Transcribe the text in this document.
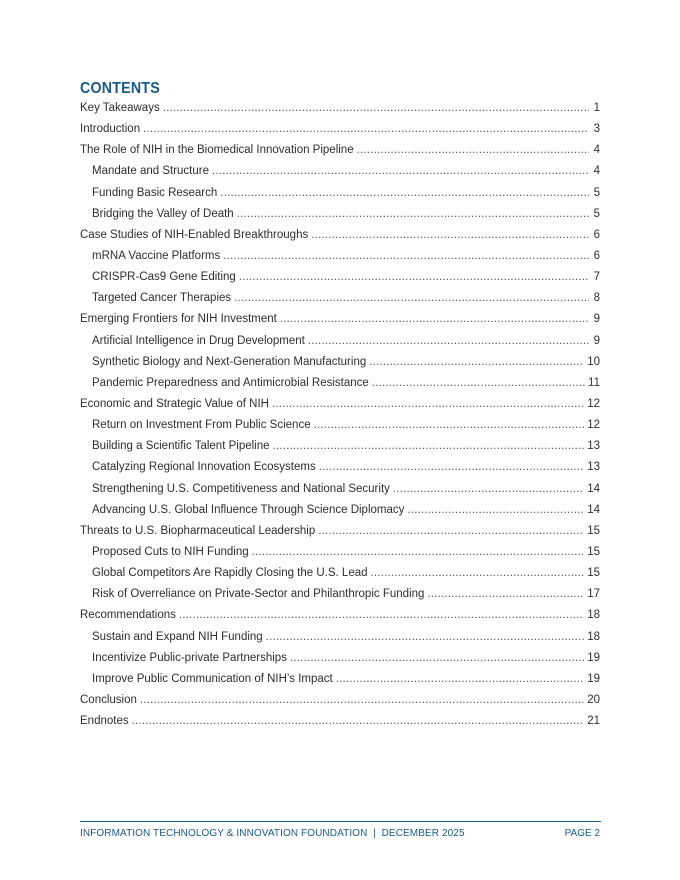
CONTENTS
Key Takeaways .....	1
Introduction .....	3
The Role of NIH in the Biomedical Innovation Pipeline .....	4
Mandate and Structure .....	4
Funding Basic Research .....	5
Bridging the Valley of Death .....	5
Case Studies of NIH-Enabled Breakthroughs .....	6
mRNA Vaccine Platforms .....	6
CRISPR-Cas9 Gene Editing .....	7
Targeted Cancer Therapies .....	8
Emerging Frontiers for NIH Investment .....	9
Artificial Intelligence in Drug Development .....	9
Synthetic Biology and Next-Generation Manufacturing .....	10
Pandemic Preparedness and Antimicrobial Resistance .....	11
Economic and Strategic Value of NIH .....	12
Return on Investment From Public Science .....	12
Building a Scientific Talent Pipeline .....	13
Catalyzing Regional Innovation Ecosystems .....	13
Strengthening U.S. Competitiveness and National Security .....	14
Advancing U.S. Global Influence Through Science Diplomacy .....	14
Threats to U.S. Biopharmaceutical Leadership .....	15
Proposed Cuts to NIH Funding .....	15
Global Competitors Are Rapidly Closing the U.S. Lead .....	15
Risk of Overreliance on Private-Sector and Philanthropic Funding .....	17
Recommendations .....	18
Sustain and Expand NIH Funding .....	18
Incentivize Public-private Partnerships .....	19
Improve Public Communication of NIH’s Impact .....	19
Conclusion .....	20
Endnotes .....	21
INFORMATION TECHNOLOGY & INNOVATION FOUNDATION  |  DECEMBER 2025	PAGE 2
